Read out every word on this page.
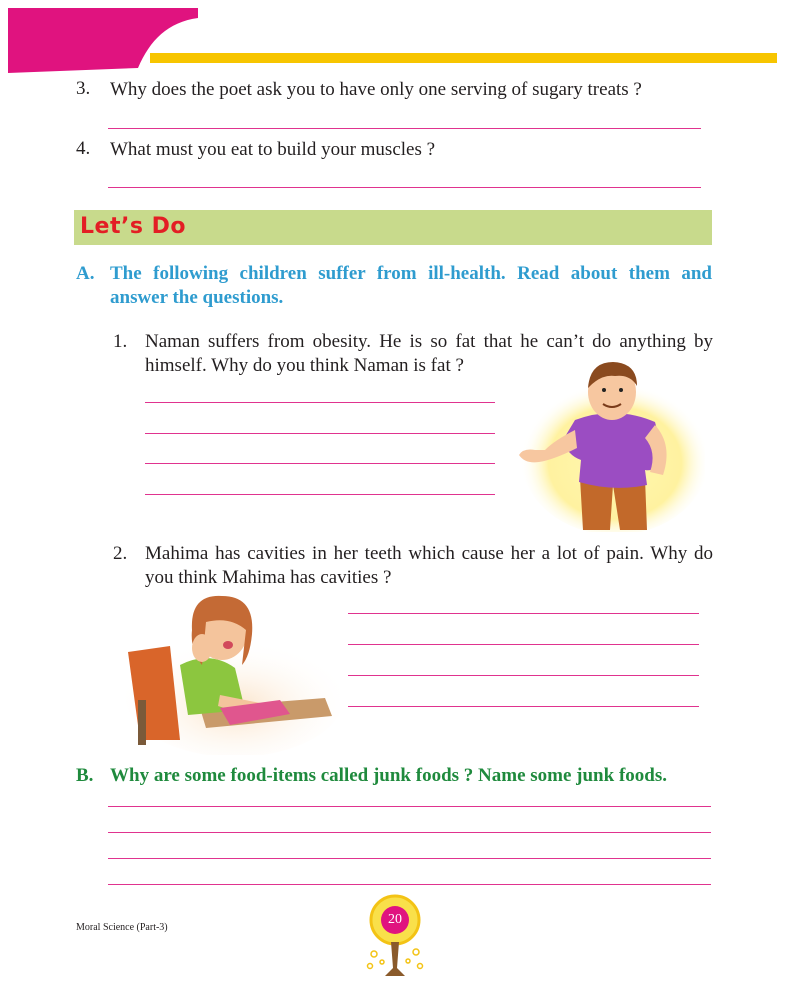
3. Why does the poet ask you to have only one serving of sugary treats ?
4. What must you eat to build your muscles ?
Let’s Do
A. The following children suffer from ill-health. Read about them and answer the questions.
1. Naman suffers from obesity. He is so fat that he can’t do anything by himself. Why do you think Naman is fat ?
2. Mahima has cavities in her teeth which cause her a lot of pain. Why do you think Mahima has cavities ?
B. Why are some food-items called junk foods ? Name some junk foods.
Moral Science (Part-3)
20
